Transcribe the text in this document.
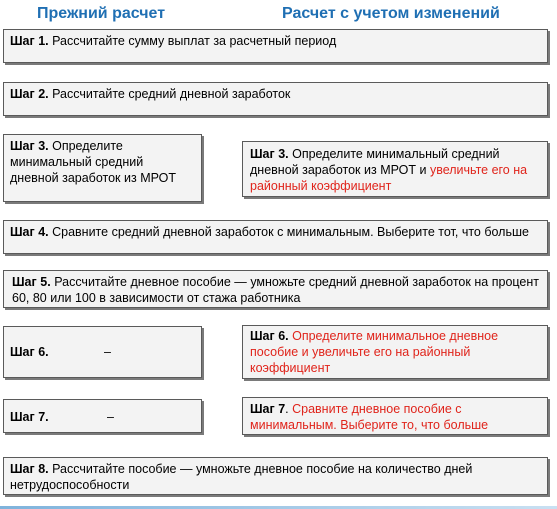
Прежний расчет	Расчет с учетом изменений
Шаг 1. Рассчитайте сумму выплат за расчетный период
Шаг 2. Рассчитайте средний дневной заработок
Шаг 3. Определите минимальный средний дневной заработок из МРОТ
Шаг 3. Определите минимальный средний дневной заработок из МРОТ и увеличьте его на районный коэффициент
Шаг 4. Сравните средний дневной заработок с минимальным. Выберите тот, что больше
Шаг 5. Рассчитайте дневное пособие — умножьте средний дневной заработок на процент 60, 80 или 100 в зависимости от стажа работника
Шаг 6.	–
Шаг 6. Определите минимальное дневное пособие и увеличьте его на районный коэффициент
Шаг 7.	–
Шаг 7. Сравните дневное пособие с минимальным. Выберите то, что больше
Шаг 8. Рассчитайте пособие — умножьте дневное пособие на количество дней нетрудоспособности
